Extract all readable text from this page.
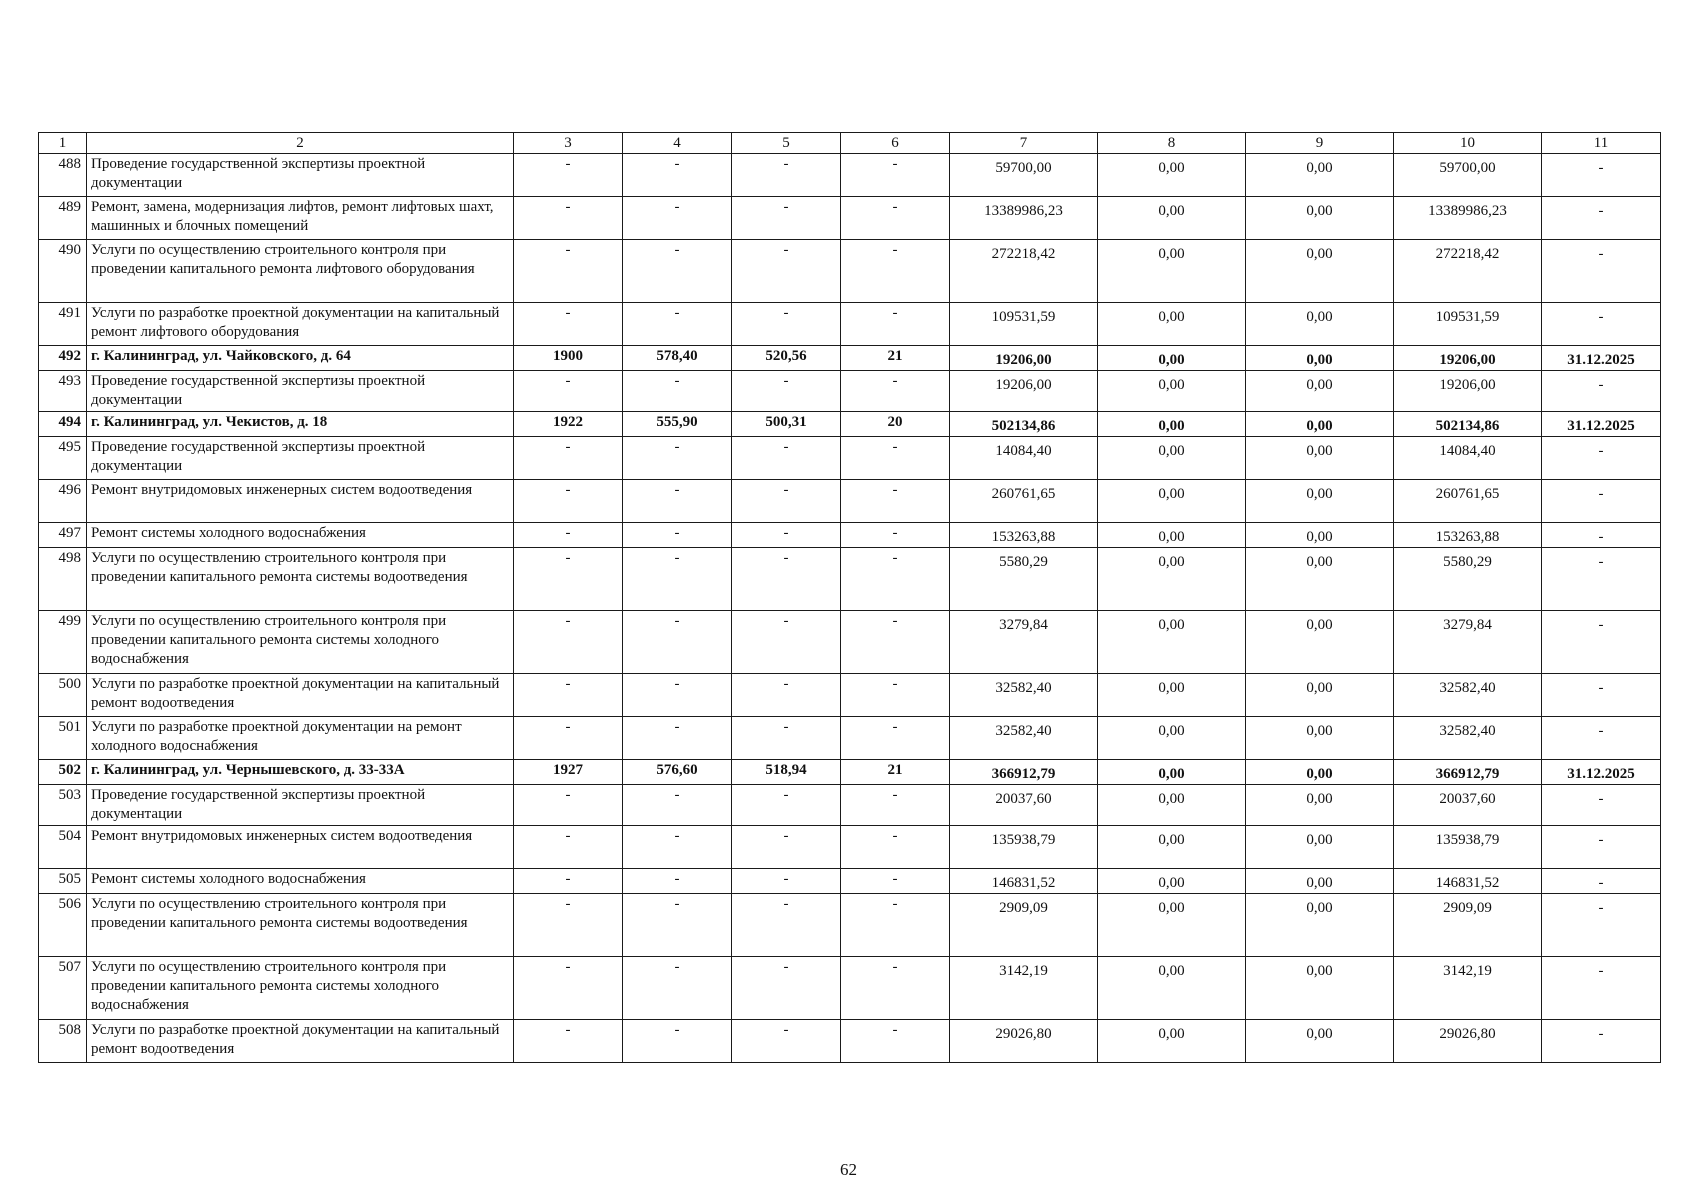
1	2	3	4	5	6	7	8	9	10	11
488	Проведение государственной экспертизы проектной документации	-	-	-	-	59700,00	0,00	0,00	59700,00	-
489	Ремонт, замена, модернизация лифтов, ремонт лифтовых шахт, машинных и блочных помещений	-	-	-	-	13389986,23	0,00	0,00	13389986,23	-
490	Услуги по осуществлению строительного контроля при проведении капитального ремонта лифтового оборудования	-	-	-	-	272218,42	0,00	0,00	272218,42	-
491	Услуги по разработке проектной документации на капитальный ремонт лифтового оборудования	-	-	-	-	109531,59	0,00	0,00	109531,59	-
492	г. Калининград, ул. Чайковского, д. 64	1900	578,40	520,56	21	19206,00	0,00	0,00	19206,00	31.12.2025
493	Проведение государственной экспертизы проектной документации	-	-	-	-	19206,00	0,00	0,00	19206,00	-
494	г. Калининград, ул. Чекистов, д. 18	1922	555,90	500,31	20	502134,86	0,00	0,00	502134,86	31.12.2025
495	Проведение государственной экспертизы проектной документации	-	-	-	-	14084,40	0,00	0,00	14084,40	-
496	Ремонт внутридомовых инженерных систем водоотведения	-	-	-	-	260761,65	0,00	0,00	260761,65	-
497	Ремонт системы холодного водоснабжения	-	-	-	-	153263,88	0,00	0,00	153263,88	-
498	Услуги по осуществлению строительного контроля при проведении капитального ремонта системы водоотведения	-	-	-	-	5580,29	0,00	0,00	5580,29	-
499	Услуги по осуществлению строительного контроля при проведении капитального ремонта системы холодного водоснабжения	-	-	-	-	3279,84	0,00	0,00	3279,84	-
500	Услуги по разработке проектной документации на капитальный ремонт водоотведения	-	-	-	-	32582,40	0,00	0,00	32582,40	-
501	Услуги по разработке проектной документации на ремонт холодного водоснабжения	-	-	-	-	32582,40	0,00	0,00	32582,40	-
502	г. Калининград, ул. Чернышевского, д. 33-33А	1927	576,60	518,94	21	366912,79	0,00	0,00	366912,79	31.12.2025
503	Проведение государственной экспертизы проектной документации	-	-	-	-	20037,60	0,00	0,00	20037,60	-
504	Ремонт внутридомовых инженерных систем водоотведения	-	-	-	-	135938,79	0,00	0,00	135938,79	-
505	Ремонт системы холодного водоснабжения	-	-	-	-	146831,52	0,00	0,00	146831,52	-
506	Услуги по осуществлению строительного контроля при проведении капитального ремонта системы водоотведения	-	-	-	-	2909,09	0,00	0,00	2909,09	-
507	Услуги по осуществлению строительного контроля при проведении капитального ремонта системы холодного водоснабжения	-	-	-	-	3142,19	0,00	0,00	3142,19	-
508	Услуги по разработке проектной документации на капитальный ремонт водоотведения	-	-	-	-	29026,80	0,00	0,00	29026,80	-
62
